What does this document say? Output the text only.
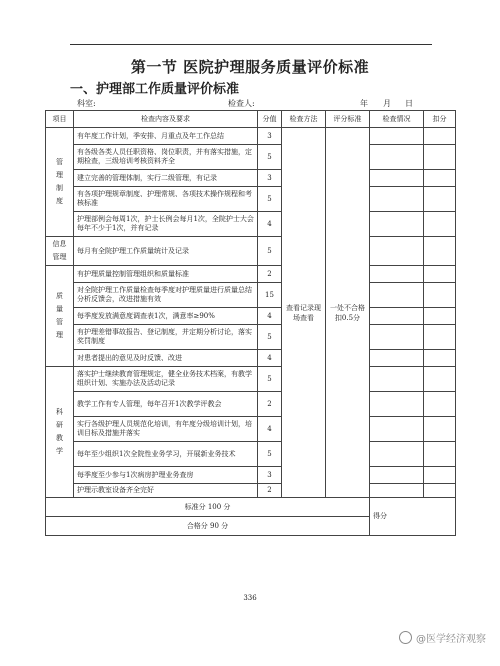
第一节 医院护理服务质量评价标准
一、护理部工作质量评价标准
科室:	检查人:	年 月 日
项目	检查内容及要求	分值	检查方法	评分标准	检查情况	扣分
管理制度	有年度工作计划，季安排、月重点及年工作总结	3	查看记录现场查看	一处不合格扣0.5分		
	有各级各类人员任职资格、岗位职责，并有落实措施，定期检查，三级培训考核资料齐全	5				
	建立完善的管理体制，实行二级管理，有记录	3				
	有各项护理规章制度、护理常规、各项技术操作规程和考核标准	5				
	护理部例会每周1次，护士长例会每月1次，全院护士大会每年不少于1次，并有记录	4				
信息管理	每月有全院护理工作质量统计及记录	5				
质量管理	有护理质量控制管理组织和质量标准	2				
	对全院护理工作质量检查每季度对护理质量进行质量总结分析反馈会，改进措施有效	15				
	每季度发放满意度调查表1次，满意率≥90%	4				
	有护理差错事故报告、登记制度，并定期分析讨论，落实奖罚制度	5				
	对患者提出的意见及时反馈、改进	4				
科研教学	落实护士继续教育管理规定，健全业务技术档案，有教学组织计划、实施办法及活动记录	5				
	教学工作有专人管理，每年召开1次教学评教会	2				
	实行各级护理人员规范化培训，有年度分级培训计划，培训目标及措施并落实	4				
	每年至少组织1次全院性业务学习，开展新业务技术	5				
	每季度至少参与1次病房护理业务查房	3				
	护理示教室设备齐全完好	2				
标准分 100 分					得分	
合格分 90 分						
336
@医学经济观察
